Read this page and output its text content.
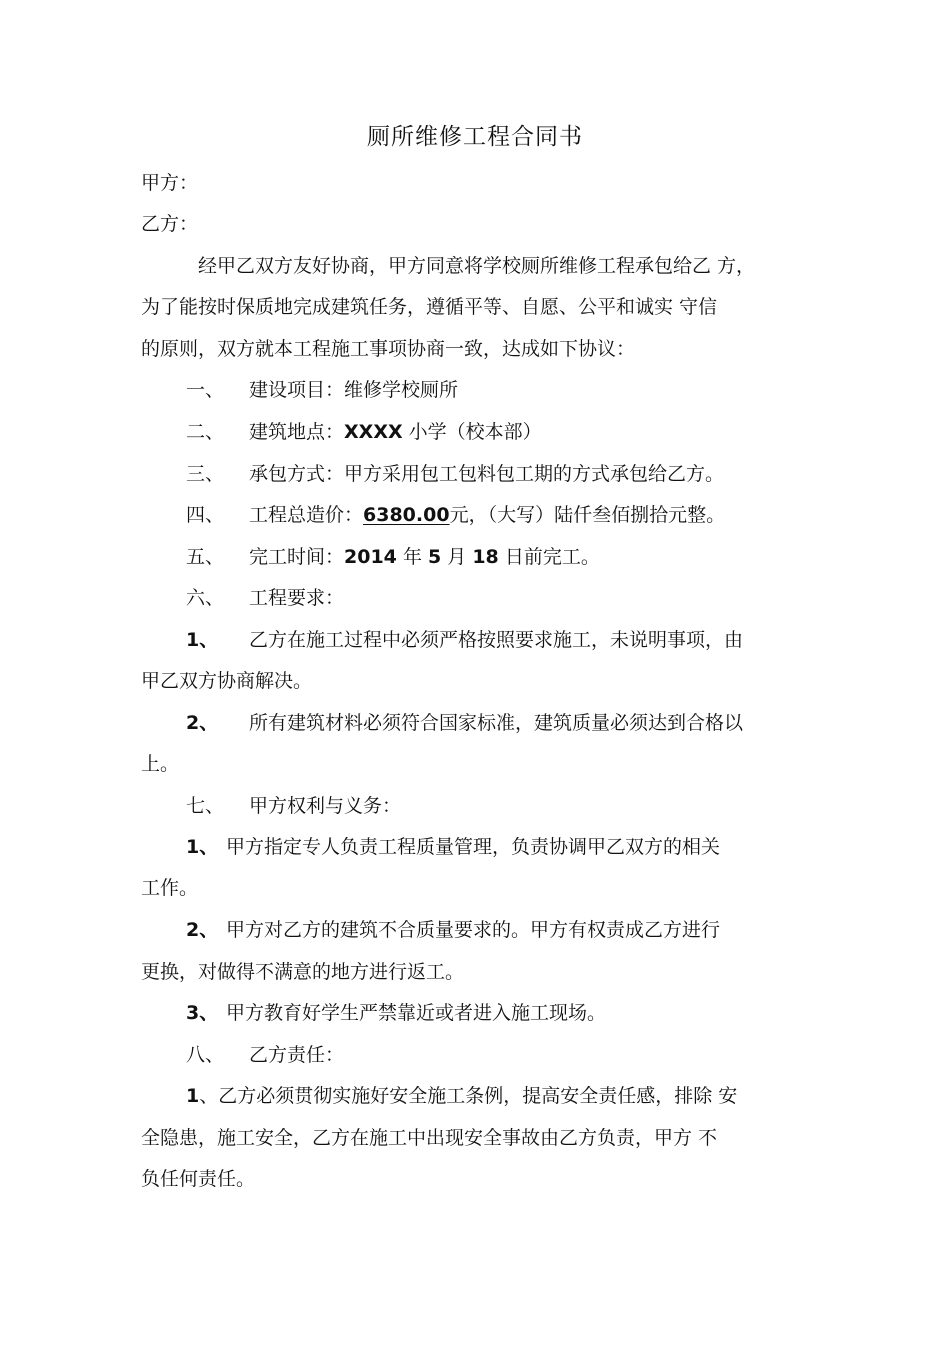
厕所维修工程合同书
甲方：
乙方：
经甲乙双方友好协商，甲方同意将学校厕所维修工程承包给乙 方，
为了能按时保质地完成建筑任务，遵循平等、自愿、公平和诚实 守信
的原则，双方就本工程施工事项协商一致，达成如下协议：
一、 建设项目：维修学校厕所
二、 建筑地点：XXXX 小学（校本部）
三、 承包方式：甲方采用包工包料包工期的方式承包给乙方。
四、 工程总造价：6380.00元，（大写）陆仟叁佰捌拾元整。
五、 完工时间：2014 年 5 月 18 日前完工。
六、 工程要求：
1、 乙方在施工过程中必须严格按照要求施工，未说明事项，由
甲乙双方协商解决。
2、 所有建筑材料必须符合国家标准，建筑质量必须达到合格以
上。
七、 甲方权利与义务：
1、 甲方指定专人负责工程质量管理，负责协调甲乙双方的相关
工作。
2、 甲方对乙方的建筑不合质量要求的。甲方有权责成乙方进行
更换，对做得不满意的地方进行返工。
3、 甲方教育好学生严禁靠近或者进入施工现场。
八、 乙方责任：
1、乙方必须贯彻实施好安全施工条例，提高安全责任感，排除 安
全隐患，施工安全，乙方在施工中出现安全事故由乙方负责，甲方 不
负任何责任。
